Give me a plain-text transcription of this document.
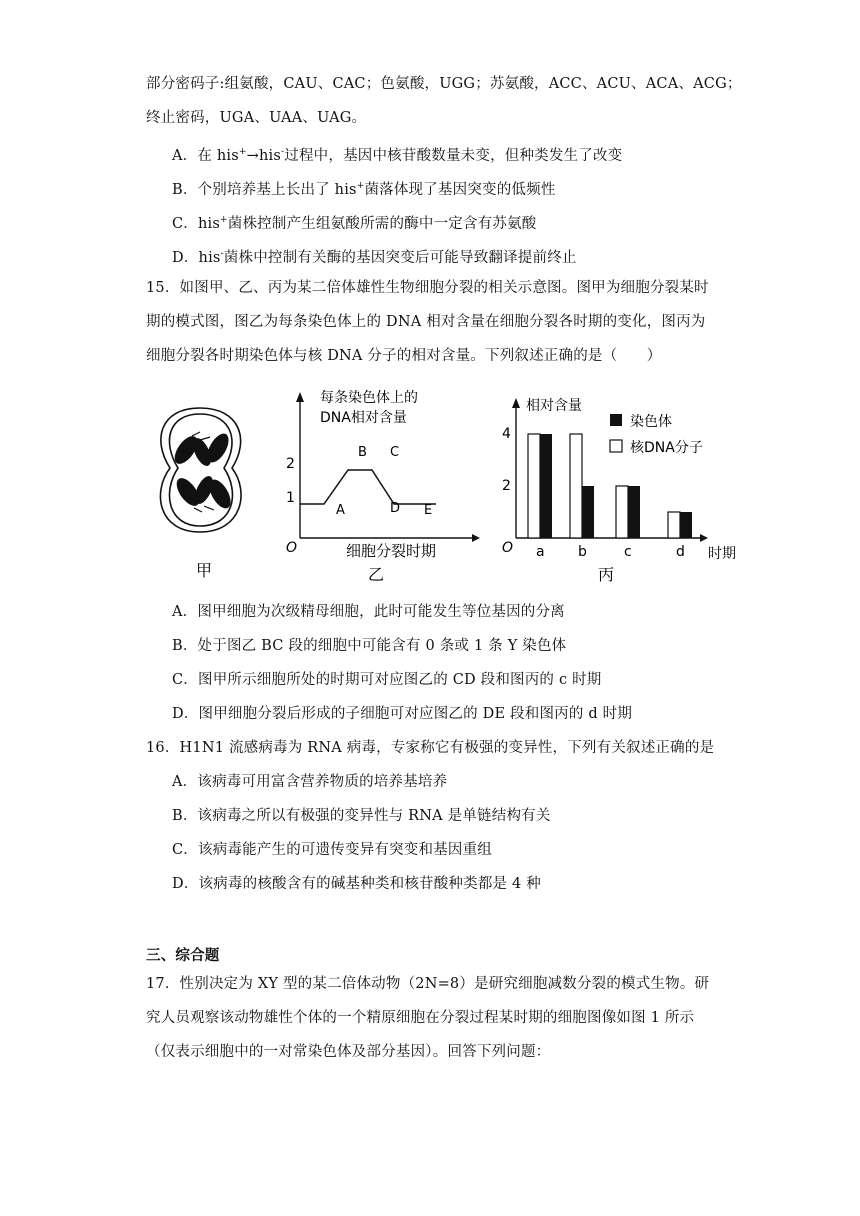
部分密码子:组氨酸，CAU、CAC；色氨酸，UGG；苏氨酸，ACC、ACU、ACA、ACG；
终止密码，UGA、UAA、UAG。
A．在 his+→his-过程中，基因中核苷酸数量未变，但种类发生了改变
B．个别培养基上长出了 his+菌落体现了基因突变的低频性
C．his+菌株控制产生组氨酸所需的酶中一定含有苏氨酸
D．his-菌株中控制有关酶的基因突变后可能导致翻译提前终止
15．如图甲、乙、丙为某二倍体雄性生物细胞分裂的相关示意图。图甲为细胞分裂某时
期的模式图，图乙为每条染色体上的 DNA 相对含量在细胞分裂各时期的变化，图丙为
细胞分裂各时期染色体与核 DNA 分子的相对含量。下列叙述正确的是（　　）
甲
每条染色体上的
DNA相对含量
O
1
2
A
B C
D E
细胞分裂时期
乙
相对含量
O
2
4
a b	c	d 时期
染色体
核DNA分子
丙
A．图甲细胞为次级精母细胞，此时可能发生等位基因的分离
B．处于图乙 BC 段的细胞中可能含有 0 条或 1 条 Y 染色体
C．图甲所示细胞所处的时期可对应图乙的 CD 段和图丙的 c 时期
D．图甲细胞分裂后形成的子细胞可对应图乙的 DE 段和图丙的 d 时期
16．H1N1 流感病毒为 RNA 病毒，专家称它有极强的变异性，下列有关叙述正确的是
A．该病毒可用富含营养物质的培养基培养
B．该病毒之所以有极强的变异性与 RNA 是单链结构有关
C．该病毒能产生的可遗传变异有突变和基因重组
D．该病毒的核酸含有的碱基种类和核苷酸种类都是 4 种
三、综合题
17．性别决定为 XY 型的某二倍体动物（2N=8）是研究细胞减数分裂的模式生物。研
究人员观察该动物雄性个体的一个精原细胞在分裂过程某时期的细胞图像如图 1 所示
（仅表示细胞中的一对常染色体及部分基因）。回答下列问题：
